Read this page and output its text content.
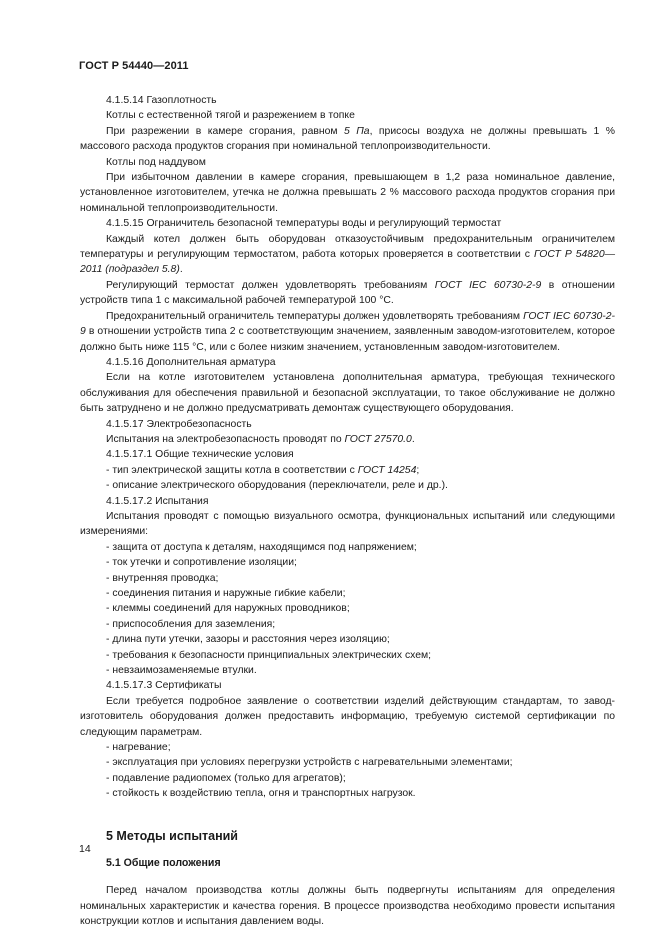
ГОСТ Р 54440—2011

4.1.5.14 Газоплотность

Котлы с естественной тягой и разрежением в топке

При разрежении в камере сгорания, равном 5 Па, присосы воздуха не должны превышать 1 % массового расхода продуктов сгорания при номинальной теплопроизводительности.

Котлы под наддувом

При избыточном давлении в камере сгорания, превышающем в 1,2 раза номинальное давление, установленное изготовителем, утечка не должна превышать 2 % массового расхода продуктов сгорания при номинальной теплопроизводительности.

4.1.5.15 Ограничитель безопасной температуры воды и регулирующий термостат

Каждый котел должен быть оборудован отказоустойчивым предохранительным ограничителем температуры и регулирующим термостатом, работа которых проверяется в соответствии с ГОСТ Р 54820—2011 (подраздел 5.8).

Регулирующий термостат должен удовлетворять требованиям ГОСТ IEC 60730-2-9 в отношении устройств типа 1 с максимальной рабочей температурой 100 °С.

Предохранительный ограничитель температуры должен удовлетворять требованиям ГОСТ IEC 60730-2-9 в отношении устройств типа 2 с соответствующим значением, заявленным заводом-изготовителем, которое должно быть ниже 115 °С, или с более низким значением, установленным заводом-изготовителем.

4.1.5.16 Дополнительная арматура

Если на котле изготовителем установлена дополнительная арматура, требующая технического обслуживания для обеспечения правильной и безопасной эксплуатации, то такое обслуживание не должно быть затруднено и не должно предусматривать демонтаж существующего оборудования.

4.1.5.17 Электробезопасность

Испытания на электробезопасность проводят по ГОСТ 27570.0.

4.1.5.17.1 Общие технические условия

- тип электрической защиты котла в соответствии с ГОСТ 14254;

- описание электрического оборудования (переключатели, реле и др.).

4.1.5.17.2 Испытания

Испытания проводят с помощью визуального осмотра, функциональных испытаний или следующими измерениями:

- защита от доступа к деталям, находящимся под напряжением;

- ток утечки и сопротивление изоляции;

- внутренняя проводка;

- соединения питания и наружные гибкие кабели;

- клеммы соединений для наружных проводников;

- приспособления для заземления;

- длина пути утечки, зазоры и расстояния через изоляцию;

- требования к безопасности принципиальных электрических схем;

- невзаимозаменяемые втулки.

4.1.5.17.3 Сертификаты

Если требуется подробное заявление о соответствии изделий действующим стандартам, то завод-изготовитель оборудования должен предоставить информацию, требуемую системой сертификации по следующим параметрам.

- нагревание;

- эксплуатация при условиях перегрузки устройств с нагревательными элементами;

- подавление радиопомех (только для агрегатов);

- стойкость к воздействию тепла, огня и транспортных нагрузок.

5 Методы испытаний

5.1 Общие положения

Перед началом производства котлы должны быть подвергнуты испытаниям для определения номинальных характеристик и качества горения. В процессе производства необходимо провести испытания конструкции котлов и испытания давлением воды.

14
